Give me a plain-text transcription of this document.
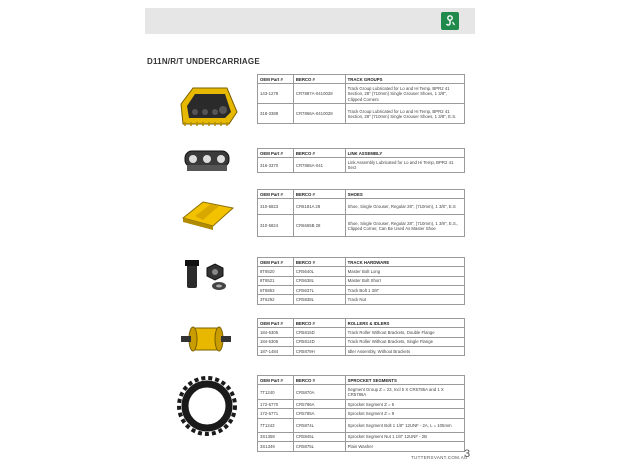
D11N/R/T UNDERCARRIAGE
OEM Part #	BERCO #	TRACK GROUPS
143-1278	CR7887A-0410028	Track Group Lubricated for Lo and Hi Temp, BPR2 41 Section, 28" (710mm) Single Grouser Shoes, 1 3/8", Clipped Corners
318-3388	CR7866A-0410028	Track Group Lubricated for Lo and Hi Temp, BPR2 41 Section, 28" (710mm) Single Grouser Shoes, 1 3/8", E.S.
OEM Part #	BERCO #	LINK ASSEMBLY
316-3370	CR7865A-041	Link Assembly Lubricated for Lo and Hi Temp, BPR2 41 Sect
OEM Part #	BERCO #	SHOES
310-5823	CR6181A 28	Shoe, Single Grouser, Regular 28", (710mm), 1 3/8", E.S
310-5824	CR6665B 28	Shoe, Single Grouser, Regular 28", (710mm), 1 3/8", E.S., Clipped Corner, Can Be Used As Master Shoe
OEM Part #	BERCO #	TRACK HARDWARE
8T8520	CR5640L	Master Bolt Long
8T8521	CR5638L	Master Bolt Short
6T8853	CR5637L	Track Bolt 1 3/8"
3T6292	CR5838L	Track Nut
OEM Part #	BERCO #	ROLLERS & IDLERS
184-6306	CR5815D	Track Roller Without Brackets, Double Flange
184-6305	CR5814D	Track Roller Without Brackets, Single Flange
187-1484	CR5879H	Idler Assembly, Without Brackets
OEM Part #	BERCO #	SPROCKET SEGMENTS
7T1240	CR5870A	Segment Group Z = 23, Incl 5 X CR5785A and 1 X CR5786A
172-6770	CR5786A	Sprocket Segment Z = 5
172-6771	CR5785A	Sprocket Segment Z = 9
7T1243	CR5874L	Sprocket Segment Bolt 1 1/8" 12UNF - 2A, L = 105mm
3S1358	CR5845L	Sprocket Segment Nut 1 1/8" 12UNF - 2B
3S1349	CR5875L	Plain Washer
TUTTERSVANT.COM.AU
3
